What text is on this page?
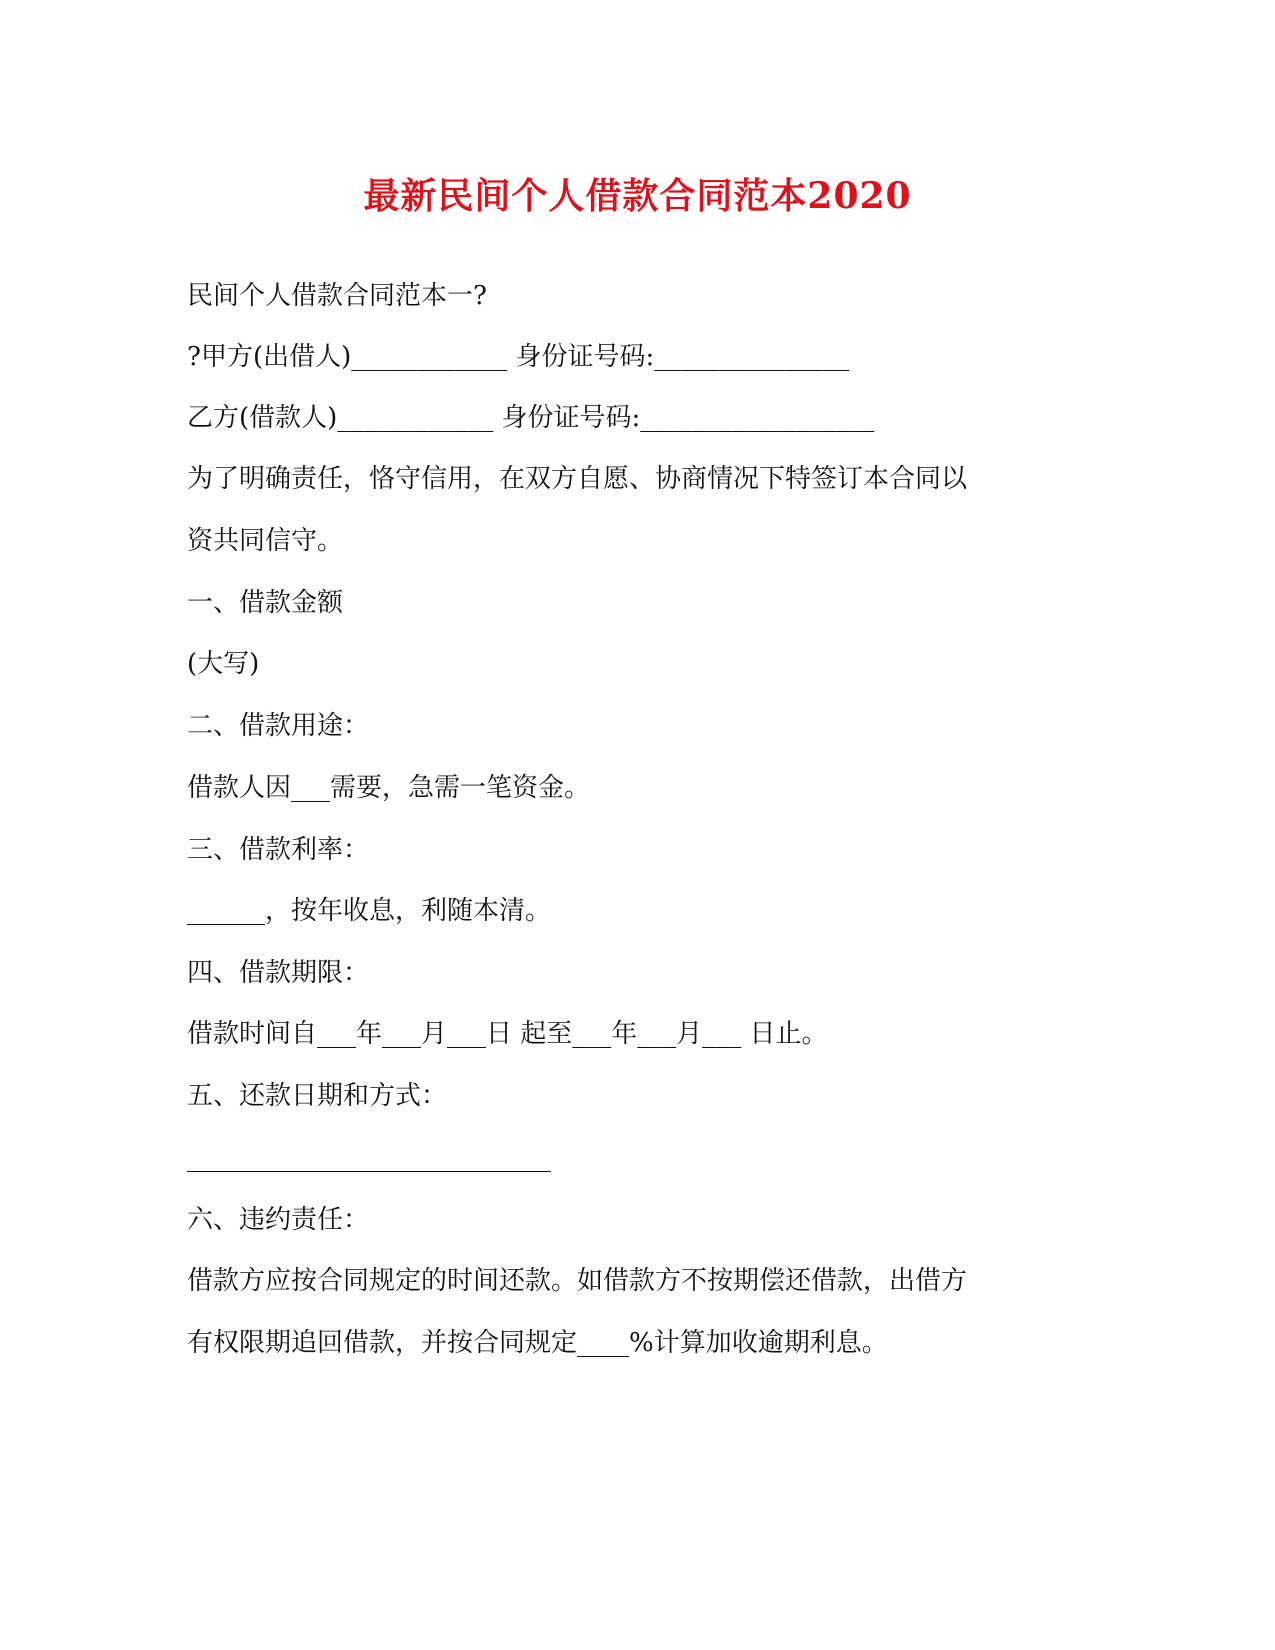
最新民间个人借款合同范本2020
民间个人借款合同范本一?
?甲方(出借人)____________ 身份证号码:_______________
乙方(借款人)____________ 身份证号码:__________________
为了明确责任，恪守信用，在双方自愿、协商情况下特签订本合同以
资共同信守。
一、借款金额
(大写)
二、借款用途：
借款人因___需要，急需一笔资金。
三、借款利率：
______，按年收息，利随本清。
四、借款期限：
借款时间自___年___月___日 起至___年___月___ 日止。
五、还款日期和方式：
____________________________
六、违约责任：
借款方应按合同规定的时间还款。如借款方不按期偿还借款，出借方
有权限期追回借款，并按合同规定____%计算加收逾期利息。
